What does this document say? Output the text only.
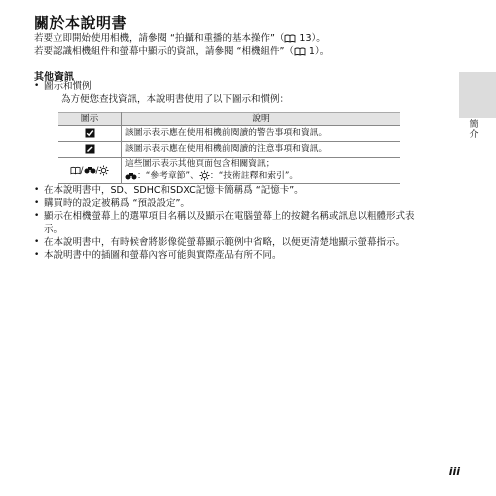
關於本說明書
若要立即開始使用相機，請參閱 “拍攝和重播的基本操作”（ 13）。
若要認識相機組件和螢幕中顯示的資訊，請參閱 “相機組件”（ 1）。
其他資訊
• 圖示和慣例
為方便您查找資訊，本說明書使用了以下圖示和慣例：
圖示	說明
	該圖示表示應在使用相機前閱讀的警告事項和資訊。
	該圖示表示應在使用相機前閱讀的注意事項和資訊。
/ /	這些圖示表示其他頁面包含相關資訊；
：“參考章節”、 ：“技術註釋和索引”。
• 在本說明書中，SD、SDHC和SDXC記憶卡簡稱爲 “記憶卡”。
• 購買時的設定被稱爲 “預設設定”。
• 顯示在相機螢幕上的選單項目名稱以及顯示在電腦螢幕上的按鍵名稱或訊息以粗體形式表示。
• 在本說明書中，有時候會將影像從螢幕顯示範例中省略，以便更清楚地顯示螢幕指示。
• 本說明書中的插圖和螢幕內容可能與實際產品有所不同。
簡
介
iii
